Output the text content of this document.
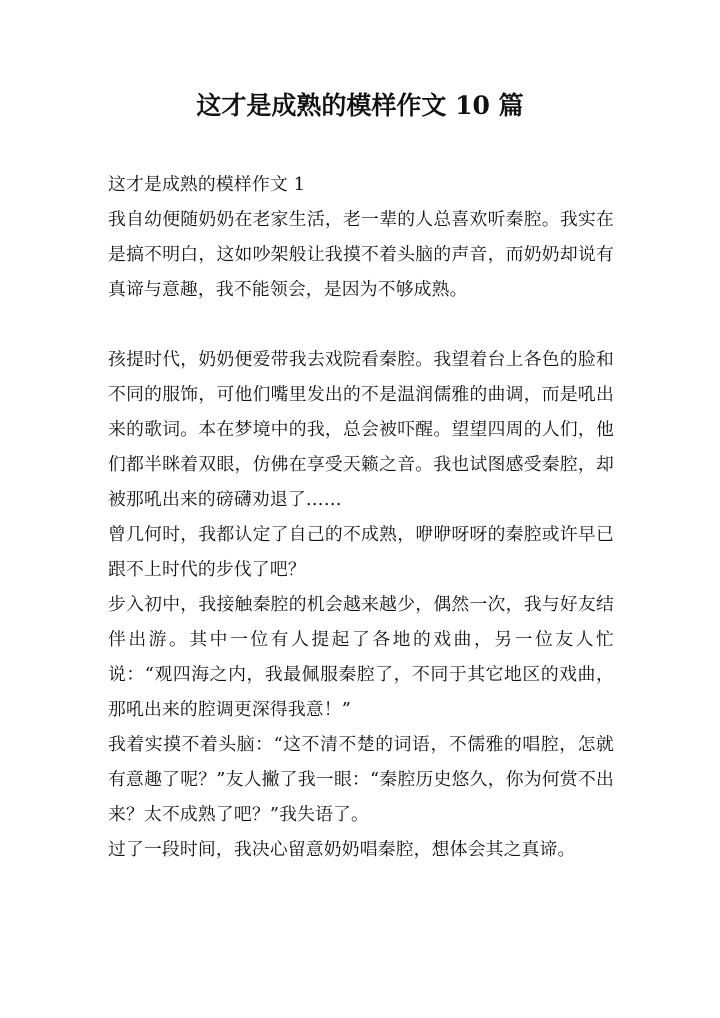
这才是成熟的模样作文 10 篇
这才是成熟的模样作文 1

我自幼便随奶奶在老家生活，老一辈的人总喜欢听秦腔。我实在是搞不明白，这如吵架般让我摸不着头脑的声音，而奶奶却说有真谛与意趣，我不能领会，是因为不够成熟。

孩提时代，奶奶便爱带我去戏院看秦腔。我望着台上各色的脸和不同的服饰，可他们嘴里发出的不是温润儒雅的曲调，而是吼出来的歌词。本在梦境中的我，总会被吓醒。望望四周的人们，他们都半眯着双眼，仿佛在享受天籁之音。我也试图感受秦腔，却被那吼出来的磅礴劝退了……

曾几何时，我都认定了自己的不成熟，咿咿呀呀的秦腔或许早已跟不上时代的步伐了吧？

步入初中，我接触秦腔的机会越来越少，偶然一次，我与好友结伴出游。其中一位有人提起了各地的戏曲，另一位友人忙说：“观四海之内，我最佩服秦腔了，不同于其它地区的戏曲，那吼出来的腔调更深得我意！”

我着实摸不着头脑：“这不清不楚的词语，不儒雅的唱腔，怎就有意趣了呢？”友人撇了我一眼：“秦腔历史悠久，你为何赏不出来？太不成熟了吧？”我失语了。

过了一段时间，我决心留意奶奶唱秦腔，想体会其之真谛。
